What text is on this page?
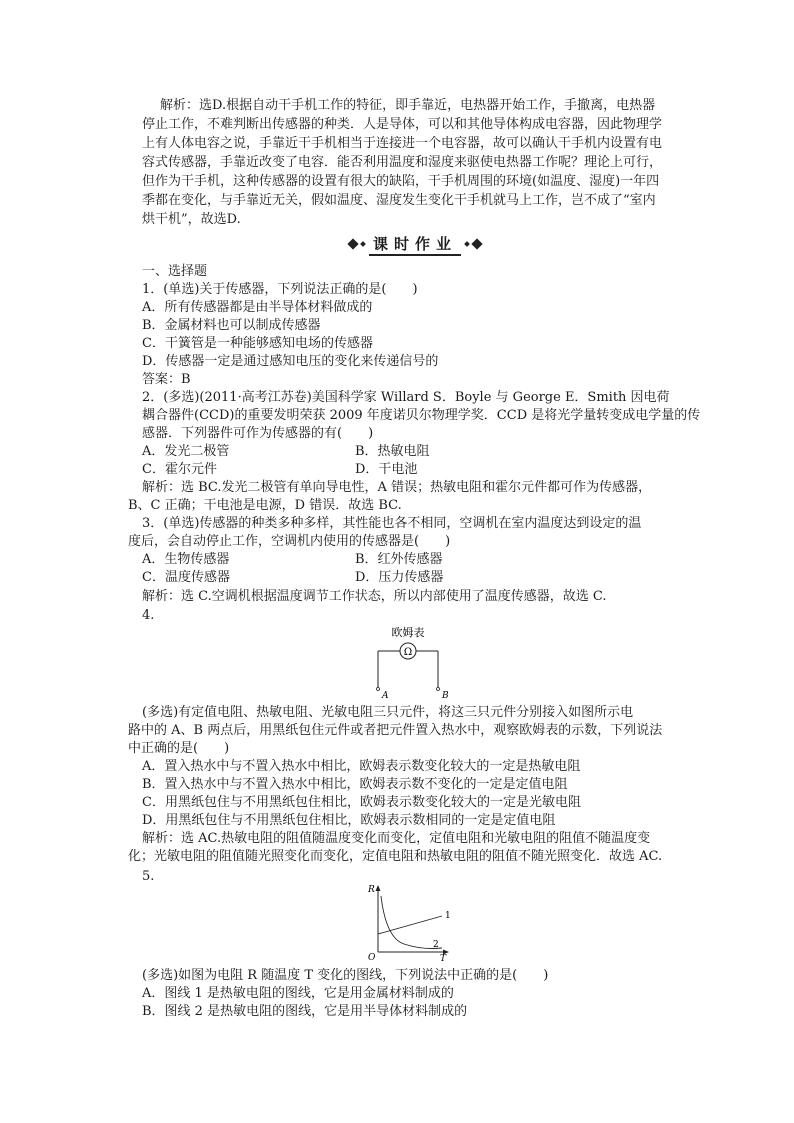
解析：选D.根据自动干手机工作的特征，即手靠近，电热器开始工作，手撤离，电热器
停止工作，不难判断出传感器的种类．人是导体，可以和其他导体构成电容器，因此物理学
上有人体电容之说，手靠近干手机相当于连接进一个电容器，故可以确认干手机内设置有电
容式传感器，手靠近改变了电容．能否利用温度和湿度来驱使电热器工作呢？理论上可行，
但作为干手机，这种传感器的设置有很大的缺陷，干手机周围的环境(如温度、湿度)一年四
季都在变化，与手靠近无关，假如温度、湿度发生变化干手机就马上工作，岂不成了“室内
烘干机”，故选D.
课时作业
一、选择题
1．(单选)关于传感器，下列说法正确的是(　　)
A．所有传感器都是由半导体材料做成的
B．金属材料也可以制成传感器
C．干簧管是一种能够感知电场的传感器
D．传感器一定是通过感知电压的变化来传递信号的
答案：B
2．(多选)(2011·高考江苏卷)美国科学家 Willard S．Boyle 与 George E．Smith 因电荷
耦合器件(CCD)的重要发明荣获 2009 年度诺贝尔物理学奖．CCD 是将光学量转变成电学量的传
感器．下列器件可作为传感器的有(　　)
A．发光二极管	B．热敏电阻
C．霍尔元件	D．干电池
解析：选 BC.发光二极管有单向导电性，A 错误；热敏电阻和霍尔元件都可作为传感器，
B、C 正确；干电池是电源，D 错误．故选 BC.
3．(单选)传感器的种类多种多样，其性能也各不相同，空调机在室内温度达到设定的温
度后，会自动停止工作，空调机内使用的传感器是(　　)
A．生物传感器	B．红外传感器
C．温度传感器	D．压力传感器
解析：选 C.空调机根据温度调节工作状态，所以内部使用了温度传感器，故选 C.
4.
欧姆表
Ω
A	B
(多选)有定值电阻、热敏电阻、光敏电阻三只元件，将这三只元件分别接入如图所示电
路中的 A、B 两点后，用黑纸包住元件或者把元件置入热水中，观察欧姆表的示数，下列说法
中正确的是(　　)
A．置入热水中与不置入热水中相比，欧姆表示数变化较大的一定是热敏电阻
B．置入热水中与不置入热水中相比，欧姆表示数不变化的一定是定值电阻
C．用黑纸包住与不用黑纸包住相比，欧姆表示数变化较大的一定是光敏电阻
D．用黑纸包住与不用黑纸包住相比，欧姆表示数相同的一定是定值电阻
解析：选 AC.热敏电阻的阻值随温度变化而变化，定值电阻和光敏电阻的阻值不随温度变
化；光敏电阻的阻值随光照变化而变化，定值电阻和热敏电阻的阻值不随光照变化．故选 AC.
5.
R
T
O
1
2
(多选)如图为电阻 R 随温度 T 变化的图线，下列说法中正确的是(　　)
A．图线 1 是热敏电阻的图线，它是用金属材料制成的
B．图线 2 是热敏电阻的图线，它是用半导体材料制成的
